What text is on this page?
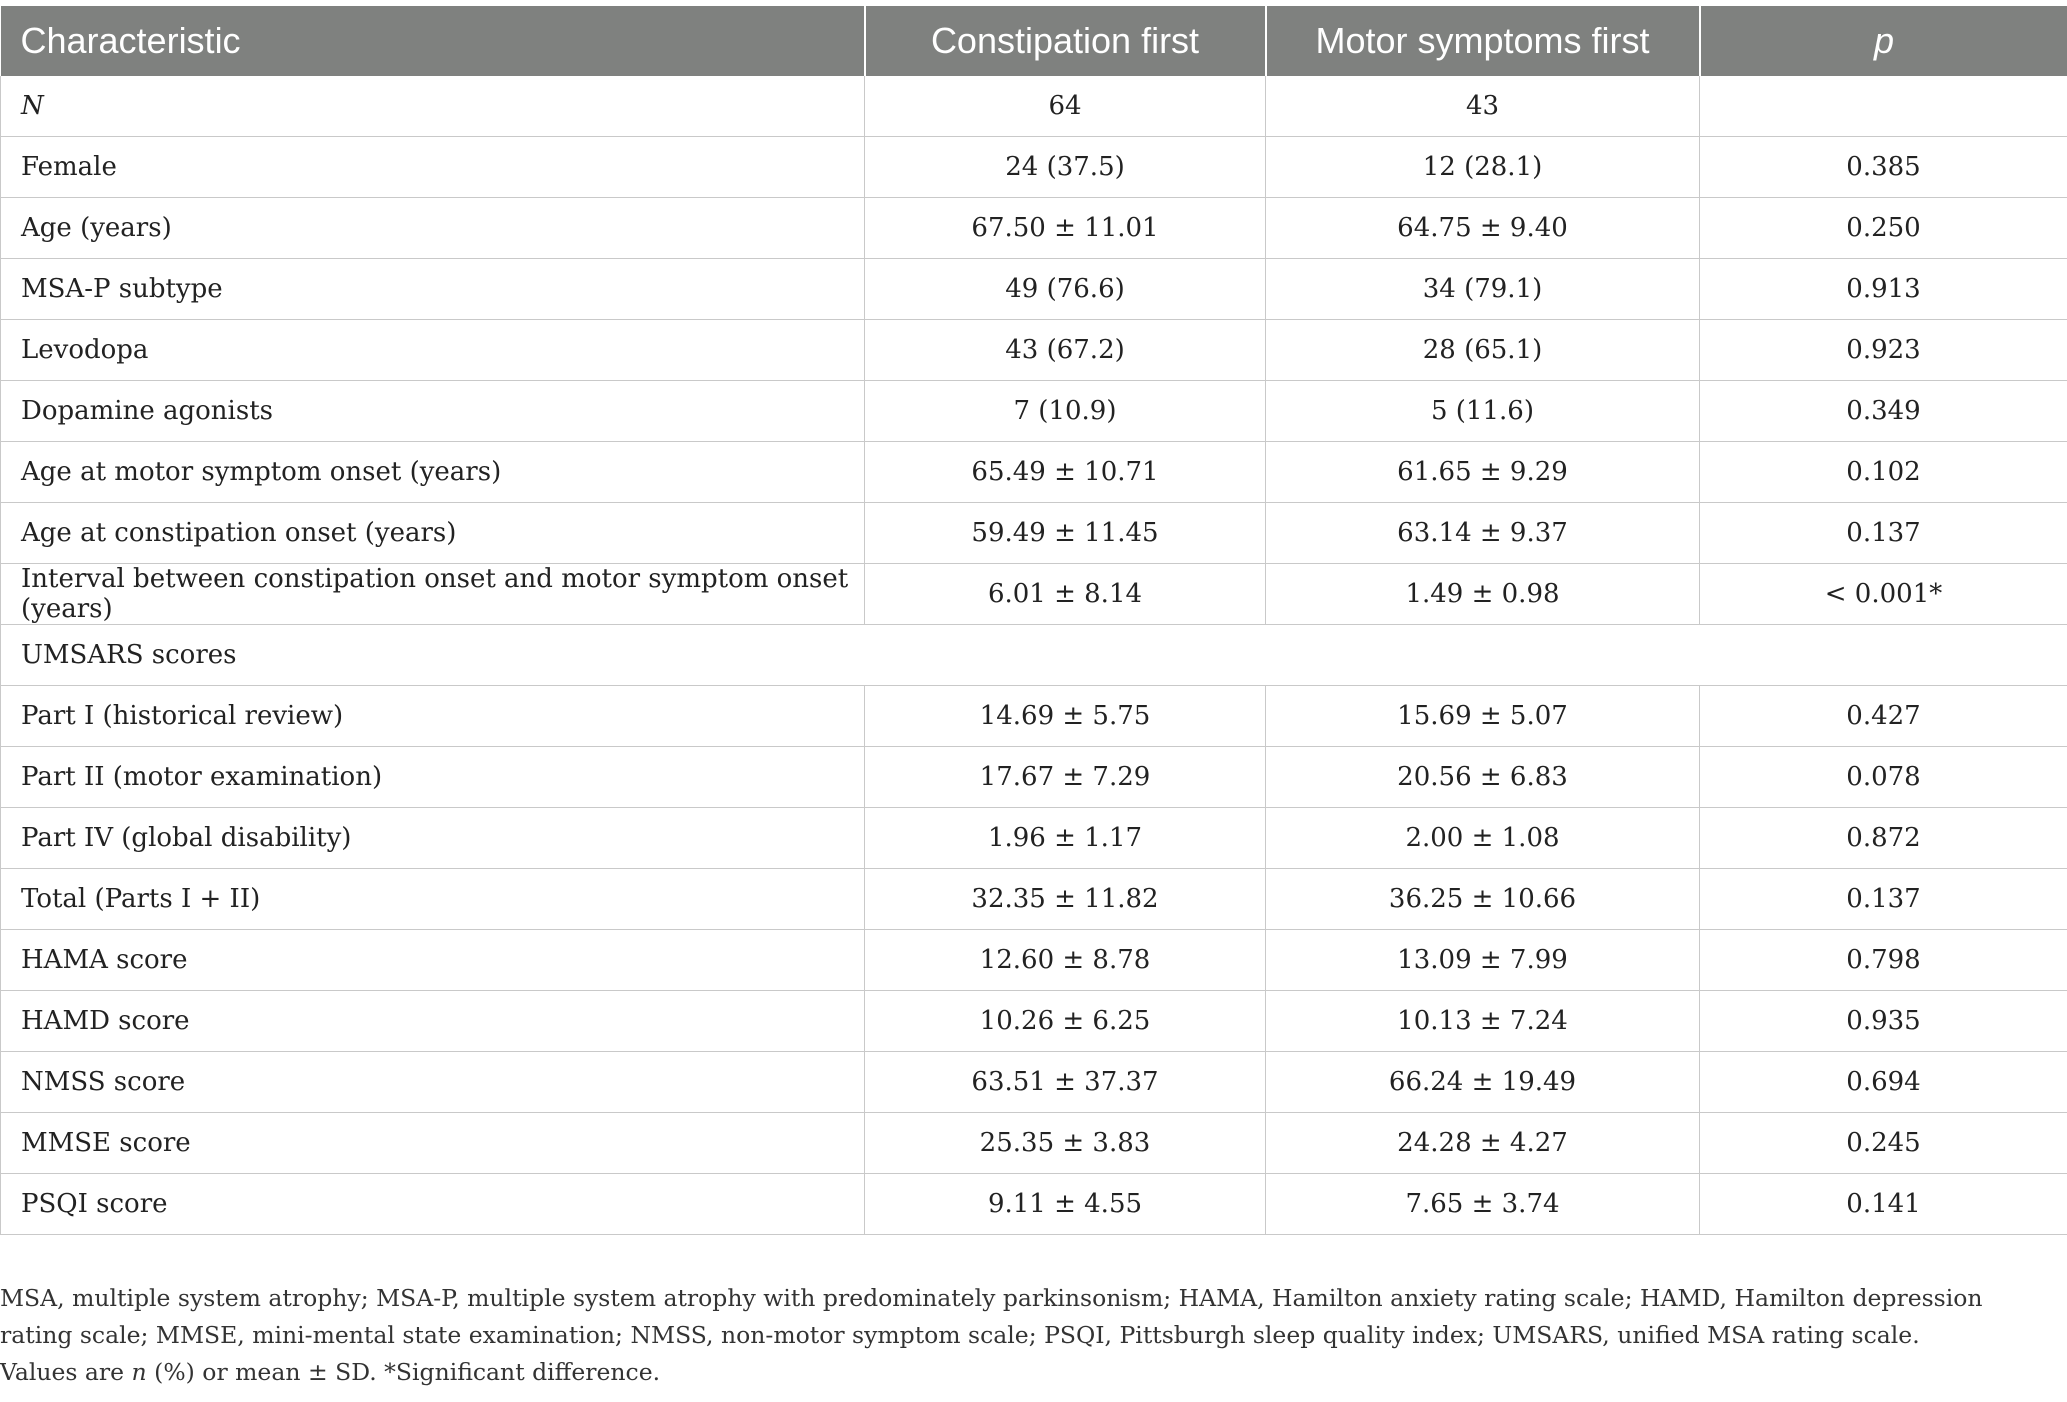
Characteristic	Constipation first	Motor symptoms first	p
N	64	43	
Female	24 (37.5)	12 (28.1)	0.385
Age (years)	67.50 ± 11.01	64.75 ± 9.40	0.250
MSA-P subtype	49 (76.6)	34 (79.1)	0.913
Levodopa	43 (67.2)	28 (65.1)	0.923
Dopamine agonists	7 (10.9)	5 (11.6)	0.349
Age at motor symptom onset (years)	65.49 ± 10.71	61.65 ± 9.29	0.102
Age at constipation onset (years)	59.49 ± 11.45	63.14 ± 9.37	0.137
Interval between constipation onset and motor symptom onset (years)	6.01 ± 8.14	1.49 ± 0.98	< 0.001*
UMSARS scores			
Part I (historical review)	14.69 ± 5.75	15.69 ± 5.07	0.427
Part II (motor examination)	17.67 ± 7.29	20.56 ± 6.83	0.078
Part IV (global disability)	1.96 ± 1.17	2.00 ± 1.08	0.872
Total (Parts I + II)	32.35 ± 11.82	36.25 ± 10.66	0.137
HAMA score	12.60 ± 8.78	13.09 ± 7.99	0.798
HAMD score	10.26 ± 6.25	10.13 ± 7.24	0.935
NMSS score	63.51 ± 37.37	66.24 ± 19.49	0.694
MMSE score	25.35 ± 3.83	24.28 ± 4.27	0.245
PSQI score	9.11 ± 4.55	7.65 ± 3.74	0.141

MSA, multiple system atrophy; MSA-P, multiple system atrophy with predominately parkinsonism; HAMA, Hamilton anxiety rating scale; HAMD, Hamilton depression rating scale; MMSE, mini-mental state examination; NMSS, non-motor symptom scale; PSQI, Pittsburgh sleep quality index; UMSARS, unified MSA rating scale.

Values are n (%) or mean ± SD. *Significant difference.
